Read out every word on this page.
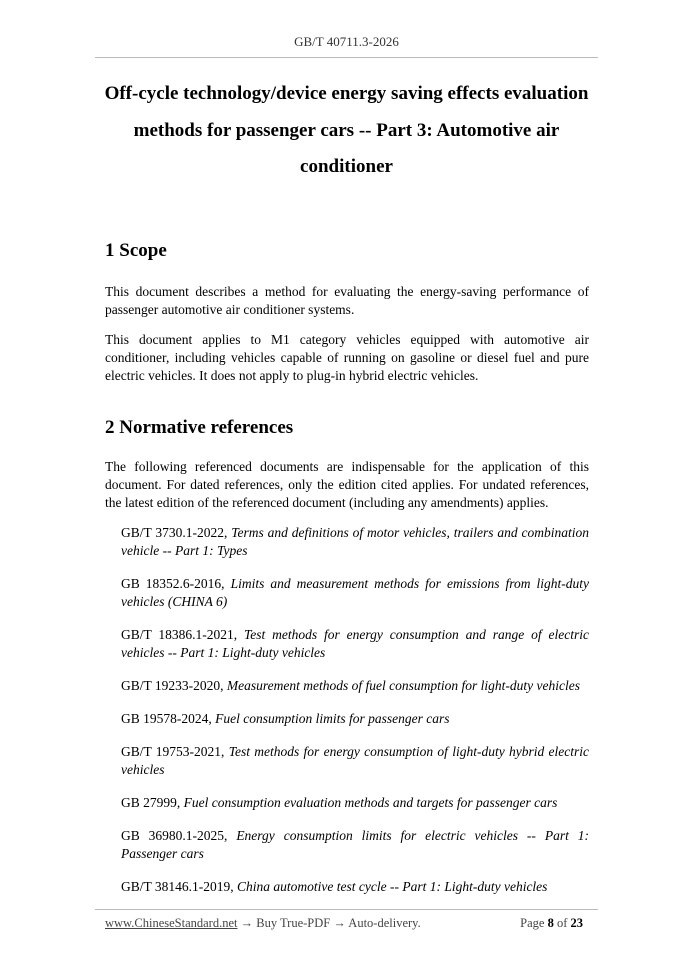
GB/T 40711.3-2026
Off-cycle technology/device energy saving effects evaluation methods for passenger cars -- Part 3: Automotive air conditioner
1 Scope

This document describes a method for evaluating the energy-saving performance of passenger automotive air conditioner systems.

This document applies to M1 category vehicles equipped with automotive air conditioner, including vehicles capable of running on gasoline or diesel fuel and pure electric vehicles. It does not apply to plug-in hybrid electric vehicles.

2 Normative references

The following referenced documents are indispensable for the application of this document. For dated references, only the edition cited applies. For undated references, the latest edition of the referenced document (including any amendments) applies.

GB/T 3730.1-2022, Terms and definitions of motor vehicles, trailers and combination vehicle -- Part 1: Types
GB 18352.6-2016, Limits and measurement methods for emissions from light-duty vehicles (CHINA 6)
GB/T 18386.1-2021, Test methods for energy consumption and range of electric vehicles -- Part 1: Light-duty vehicles
GB/T 19233-2020, Measurement methods of fuel consumption for light-duty vehicles
GB 19578-2024, Fuel consumption limits for passenger cars
GB/T 19753-2021, Test methods for energy consumption of light-duty hybrid electric vehicles
GB 27999, Fuel consumption evaluation methods and targets for passenger cars
GB 36980.1-2025, Energy consumption limits for electric vehicles -- Part 1: Passenger cars
GB/T 38146.1-2019, China automotive test cycle -- Part 1: Light-duty vehicles
www.ChineseStandard.net → Buy True-PDF → Auto-delivery.	Page 8 of 23
